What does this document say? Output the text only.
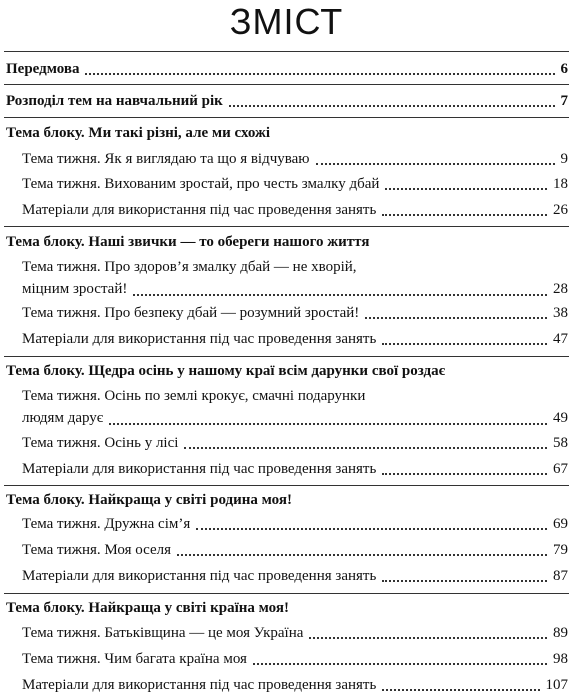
ЗМІСТ
Передмова	6
Розподіл тем на навчальний рік	7
Тема блоку. Ми такі різні, але ми схожі
Тема тижня. Як я виглядаю та що я відчуваю	9
Тема тижня. Вихованим зростай, про честь змалку дбай	18
Матеріали для використання під час проведення занять	26
Тема блоку. Наші звички — то обереги нашого життя
Тема тижня. Про здоров’я змалку дбай — не хворій,
міцним зростай!	28
Тема тижня. Про безпеку дбай — розумний зростай!	38
Матеріали для використання під час проведення занять	47
Тема блоку. Щедра осінь у нашому краї всім дарунки свої роздає
Тема тижня. Осінь по землі крокує, смачні подарунки
людям дарує	49
Тема тижня. Осінь у лісі	58
Матеріали для використання під час проведення занять	67
Тема блоку. Найкраща у світі родина моя!
Тема тижня. Дружна сім’я	69
Тема тижня. Моя оселя	79
Матеріали для використання під час проведення занять	87
Тема блоку. Найкраща у світі країна моя!
Тема тижня. Батьківщина — це моя Україна	89
Тема тижня. Чим багата країна моя	98
Матеріали для використання під час проведення занять	107
